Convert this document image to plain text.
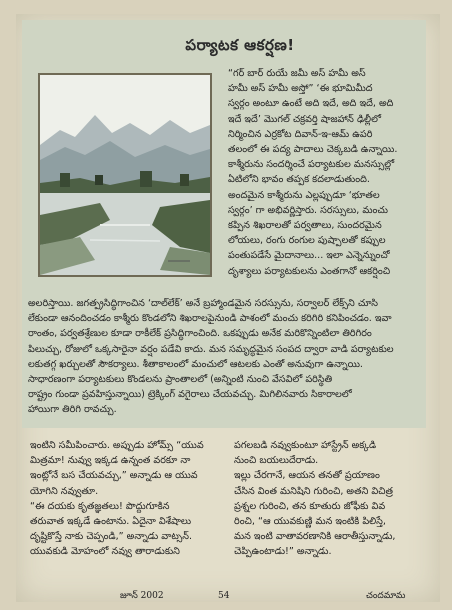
పర్యాటక ఆకర్షణ!
“గర్ బార్ రుయే జమీ అస్ హమీ అస్
హమీ అస్ హమీ అస్తో” ‘ఈ భూమిమీద
స్వర్గం అంటూ ఉంటే అది ఇదే, అది ఇదే, అది
ఇదే ఇదే’ మొగల్ చక్రవర్తి షాజహాన్ ఢిల్లీలో
నిర్మించిన ఎర్రకోట దివాన్-ఇ-ఆమ్ ఉపరి
తలంలో ఈ పద్య పాదాలు చెక్కబడి ఉన్నాయి.
కాశ్మీరును సందర్శించే పర్యాటకుల మనస్సుల్లో
ఏటిలోని భావం తప్పక కదలాడుతుంది.
అందమైన కాశ్మీరును ఎల్లప్పుడూ ‘భూతల
స్వర్గం’ గా అభివర్ణిస్తారు. సరస్సులు, మంచు
కప్పిన శిఖరాలతో పర్వతాలు, సుందరమైన
లోయలు, రంగు రంగుల పుష్పాలతో కప్పుల
పంతుపడేసే మైదానాలు... ఇలా ఎన్నెన్నుంచో
దృశ్యాలు పర్యాటకులను ఎంతగానో ఆకర్షించి
అలరిస్తాయి. జగత్ప్రసిద్ధిగాంచిన ‘దాల్‌లేక్’ అనే బ్రహ్మాండమైన సరస్సును, సర్వాలర్ లేక్స్‌ని చూసి
లేకుండా ఆనందించడం కాశ్మీరు కొండలోని శిఖరాలపైనుండి పాశంలో మంచు కరిగిరి కనిపించడం. ఇవా
రాంతం, పర్వతశ్రేణుల కూడా రాకీలేక్ ప్రసిద్ధిగాంచింది. ఒకప్పుడు అనేక మరికొన్నింటిలా తిరిగిరం
పిలుచ్చు, రోజులో ఒక్కసారైనా వర్షం పడేవి కాదు. మన సమృద్ధమైన సంపద ద్వారా వాడి పర్యాటకుల
లకుతగ్గ ఖర్చులతో సౌకర్యాలు. శీతాకాలంలో మంచులో ఆటలకు ఎంతో అనువుగా ఉన్నాయి.
సాధారణంగా పర్యాటకులు కొండలను ప్రాంతాలలో (అన్నింటి నుంచి వేసవిలో పరిస్థితి
రాష్ట్రం గుండా ప్రవహిస్తున్నాయి) ట్రెక్కింగ్ వగైరాలు చేయవచ్చు. మిగిలినవారు సికారాలలో
హాయిగా తిరిగి రావచ్చు.
ఇంటిని సమీపించారు. అప్పుడు హోమ్స్ “యువ
మిత్రమా! నువ్వు ఇక్కడ ఉన్నంత వరకూ నా
ఇంట్లోనే బస చేయవచ్చు,” అన్నాడు ఆ యువ
యోగిని నవ్వుతూ.
“ఈ దయకు కృతజ్ఞతలు! పొద్దుగూకిన
తరువాత ఇక్కడే ఉంటాను. ఏదైనా విశేషాలు
దృష్టికొస్తే నాకు చెప్పండి,” అన్నాడు వాట్సన్.
యువకుడి మోహంలో నవ్వు తారాడుకుని
పగలబడి నవ్వుకుంటూ హాస్ట్రేన్ అక్కడి
నుంచి బయలుదేరాడు.
ఇల్లు చేరగానే, ఆయన తనతో ప్రయాణం
చేసిన వింత మనిషిని గురించి, అతని విచిత్ర
ప్రశ్నల గురించి, తన కూతురు జోఫీకు వివ
రించి, “ఆ యువకుణ్ణి మన ఇంటికి పిలిస్తే,
మన ఇంటి వాతావరణానికి ఆరాతీస్తున్నాడు,
చెప్పిఉంటాడు!” అన్నాడు.
జూన్ 2002	54	చందమామ
